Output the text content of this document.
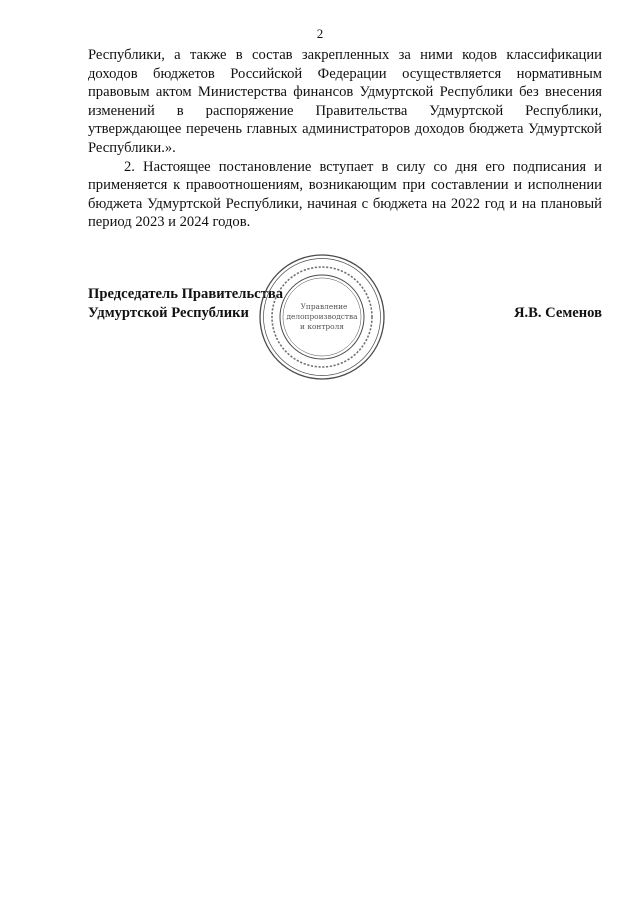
2

Республики, а также в состав закрепленных за ними кодов классификации доходов бюджетов Российской Федерации осуществляется нормативным правовым актом Министерства финансов Удмуртской Республики без внесения изменений в распоряжение Правительства Удмуртской Республики, утверждающее перечень главных администраторов доходов бюджета Удмуртской Республики.».

2. Настоящее постановление вступает в силу со дня его подписания и применяется к правоотношениям, возникающим при составлении и исполнении бюджета Удмуртской Республики, начиная с бюджета на 2022 год и на плановый период 2023 и 2024 годов.

Председатель Правительства
Удмуртской Республики	Я.В. Семенов
Управление
делопроизводства
и контроля
